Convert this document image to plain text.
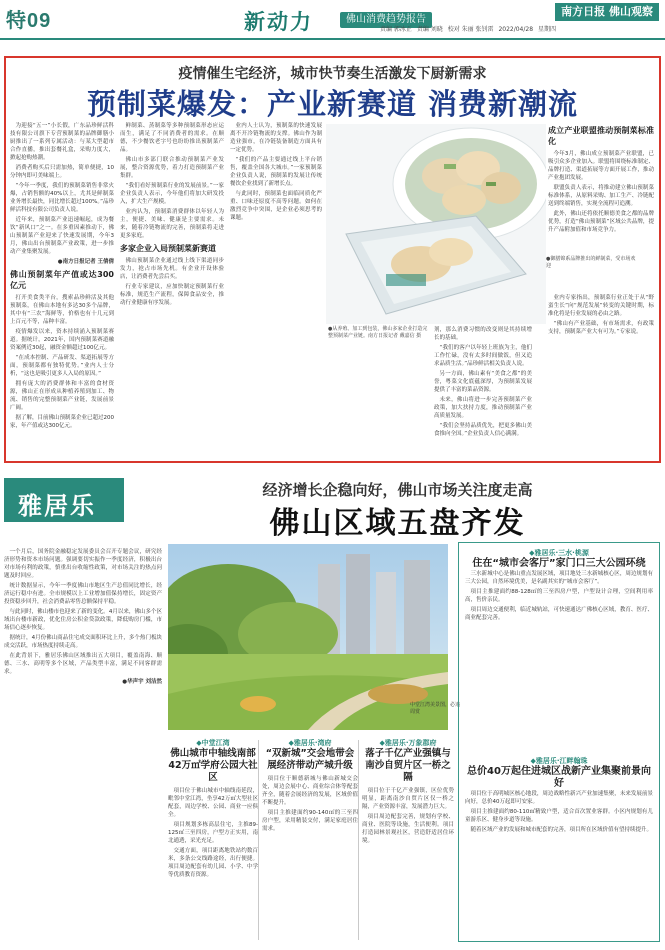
特09	新动力	佛山消费趋势报告
南方日报 佛山观察
责编 郭冰正 责编 刘晓 校对 朱丽 张钊雷 2022/04/28 星期四
疫情催生宅经济，城市快节奏生活激发下厨新需求
预制菜爆发：产业新赛道 消费新潮流

为迎接“五一”小长假，广东品珍鲜活科技有限公司旗下专营预制菜的品牌御膳小厨推出了一系列专属活动：与某大型超市合作直播，推出套餐礼盒，采购力度大，掀起抢购热潮。

消费者购买后只需加热，简单便捷，10分钟内即可美味端上。

“今年一季度，我们的预制菜销售非常火爆，占销售额的40%以上，尤其是鲜制菜业务增长最快，同比增长超过100%。”品珍鲜活科技有限公司负责人说。

近年来，预制菜产业迅速崛起，成为餐饮“新风口”之一。在多重因素推动下，佛山预制菜产业迎来了快速发展期，今年3月，佛山出台预制菜产业政策，进一步推动产业集聚发展。

●南方日报记者 王倩倩

佛山预制菜年产值或达300亿元

打开美食类平台，搜索品珍鲜活及其他预制菜，在佛山本地有多达30多个品牌，其中有“三农”海鲜等，价格也有十几元到上百元不等，品种丰富。

疫情爆发以来，资本持续涌入预制菜赛道。据统计，2021年，国内预制菜赛道融资案例近30起，融资金额超过100亿元。

“在成本控制、产品研发、渠道拓展等方面，预制菜都有独特优势。”业内人士分析，“这也是吸引更多人入局的原因。”

拥有庞大的消费群体和丰富的食材资源，佛山正在形成从种植养殖到加工、物流、销售的完整预制菜产业链，发展前景广阔。

据了解，目前佛山预制菜企业已超过200家，年产值或达300亿元。

鲜制菜、蒸制菜等多种预制菜形态应运而生，满足了不同消费者的需求。在顺德，不少餐饮老字号也纷纷推出预制菜产品。

佛山市多部门联合推动预制菜产业发展，整合资源优势，着力打造预制菜产业集群。

“我们看好预制菜行业的发展前景。”一家企业负责人表示，今年他们将加大研发投入，扩大生产规模。

业内认为，预制菜消费群体以年轻人为主，便捷、美味、健康是主要需求。未来，随着冷链物流的完善，预制菜将走进更多家庭。

多家企业入局预制菜新赛道

佛山预制菜企业通过线上线下渠道同步发力，抢占市场先机。有企业开设体验店，让消费者先尝后买。

行业专家建议，应加快制定预制菜行业标准，规范生产流程，保障食品安全，推动行业健康有序发展。

业内人士认为，预制菜的快速发展离不开冷链物流的支撑。佛山作为制造业强市，在冷链装备制造方面具有一定优势。

“我们的产品主要通过线上平台销售，覆盖全国各大城市。”一家预制菜企业负责人说，预制菜的发展让传统餐饮企业找到了新增长点。

与此同时，预制菜也面临同质化严重、口味还原度不高等问题。如何在激烈竞争中突围，是企业必须思考的课题。

剂，那么消费习惯的改变则是其持续增长的基础。

“我们的客户以年轻上班族为主，他们工作忙碌，没有太多时间做饭，但又追求品质生活。”品珍鲜活相关负责人说。

另一方面，佛山素有“美食之都”的美誉，粤菜文化底蕴深厚，为预制菜发展提供了丰富的菜品资源。

未来，佛山将进一步完善预制菜产业政策，加大扶持力度，推动预制菜产业高质量发展。

“我们会坚持品质优先，把更多佛山美食推向全国。”企业负责人信心满满。

成立产业联盟推动预制菜标准化

今年3月，佛山成立预制菜产业联盟，已吸引众多企业加入。联盟将围绕标准制定、品牌打造、渠道拓展等方面开展工作，推动产业抱团发展。

联盟负责人表示，将推动建立佛山预制菜标准体系，从原料采购、加工生产、冷链配送到终端销售，实现全流程可追溯。

此外，佛山还将依托顺德美食之都的品牌优势，打造“佛山预制菜”区域公共品牌，提升产品附加值和市场竞争力。

业内专家指出，预制菜行业正处于从“野蛮生长”向“规范发展”转变的关键时期，标准化将是行业发展的必由之路。

“佛山有产业基础，有市场需求，有政策支持，预制菜产业大有可为。”专家说。

●御膳锦系品牌推出的鲜制菜，受市场欢迎
●从养殖、加工到包装，佛山多家企业打造完整预制菜产业链。南方日报记者 戴嘉信 摄
雅居乐
经济增长企稳向好，佛山市场关注度走高
佛山区域五盘齐发

一个月后，国务院金融稳定发展委员会召开专题会议，研究经济形势和资本市场问题。强调要切实振作一季度经济，积极出台对市场有利的政策，慎重出台收缩性政策，对市场关注的热点问题及时回应。

统计数据显示，今年一季度佛山市地区生产总值同比增长，经济运行稳中有进。全市规模以上工业增加值保持增长，固定资产投资稳步回升，社会消费品零售总额保持平稳。

与此同时，佛山楼市也迎来了新的变化。4月以来，佛山多个区域出台楼市新政，优化住房公积金贷款政策，降低购房门槛，市场信心逐步恢复。

据统计，4月份佛山商品住宅成交面积环比上升，多个热门板块成交活跃，市场热度持续走高。

在此背景下，雅居乐佛山区域推出五大项目，覆盖南海、顺德、三水、高明等多个区域，产品类型丰富，满足不同客群需求。

●华声宇 刘洁然

中堂江湾美景图，必追周赏
◆中堂江湾
佛山城市中轴线南部42万㎡学府公园大社区

项目位于佛山城市中轴线南延段，毗邻中堂江湾，坐享42万㎡大型社区配套，周边学校、公园、商业一应俱全。

项目规划多栋高层住宅，主推89-125㎡三至四房，户型方正实用，南北通透，采光充足。

交通方面，项目距离地铁站约数百米，多条公交线路途经，出行便捷。项目周边配套有幼儿园、小学、中学等优质教育资源。

◆雅居乐·湾府
“双新城”交会地带会展经济带动产城升级

项目位于顺德新城与佛山新城交会处，周边会展中心、商业综合体等配套齐全，随着会展经济的发展，区域价值不断提升。

项目主推建面约90-140㎡的三至四房户型，采用精装交付，满足家庭居住需求。

◆雅居乐·万象郡府
落子千亿产业强镇与南沙自贸片区一桥之隔

项目位于千亿产业强镇，区位优势明显，距离南沙自贸片区仅一桥之隔，产业资源丰富，发展潜力巨大。

项目周边配套完善，规划有学校、商业、医院等设施，生活便利。项目打造园林景观社区，营造舒适居住环境。

◆雅居乐·三水·桃源
住在“城市会客厅”家门口三大公园环绕

三水新城中心是佛山重点发展区域，项目地处三水新城核心区，周边规划有三大公园，自然环境优美，是名副其实的“城市会客厅”。

项目主推建面约88-128㎡的三至四房户型，户型设计合理，空间利用率高，售价亲民。

项目周边交通便利，临近城轨站，可快速通达广佛核心区域，教育、医疗、商业配套完善。

◆雅居乐·江畔翰珠
总价40万起住进城区战新产业集聚前景向好

项目位于高明城区核心地段，周边战略性新兴产业加速集聚，未来发展前景向好，总价40万起即可安家。

项目主推建面约80-110㎡精致户型，适合首次置业客群。小区内规划有儿童游乐区、健身步道等设施。

随着区域产业的发展和城市配套的完善，项目所在区域价值有望持续提升。
